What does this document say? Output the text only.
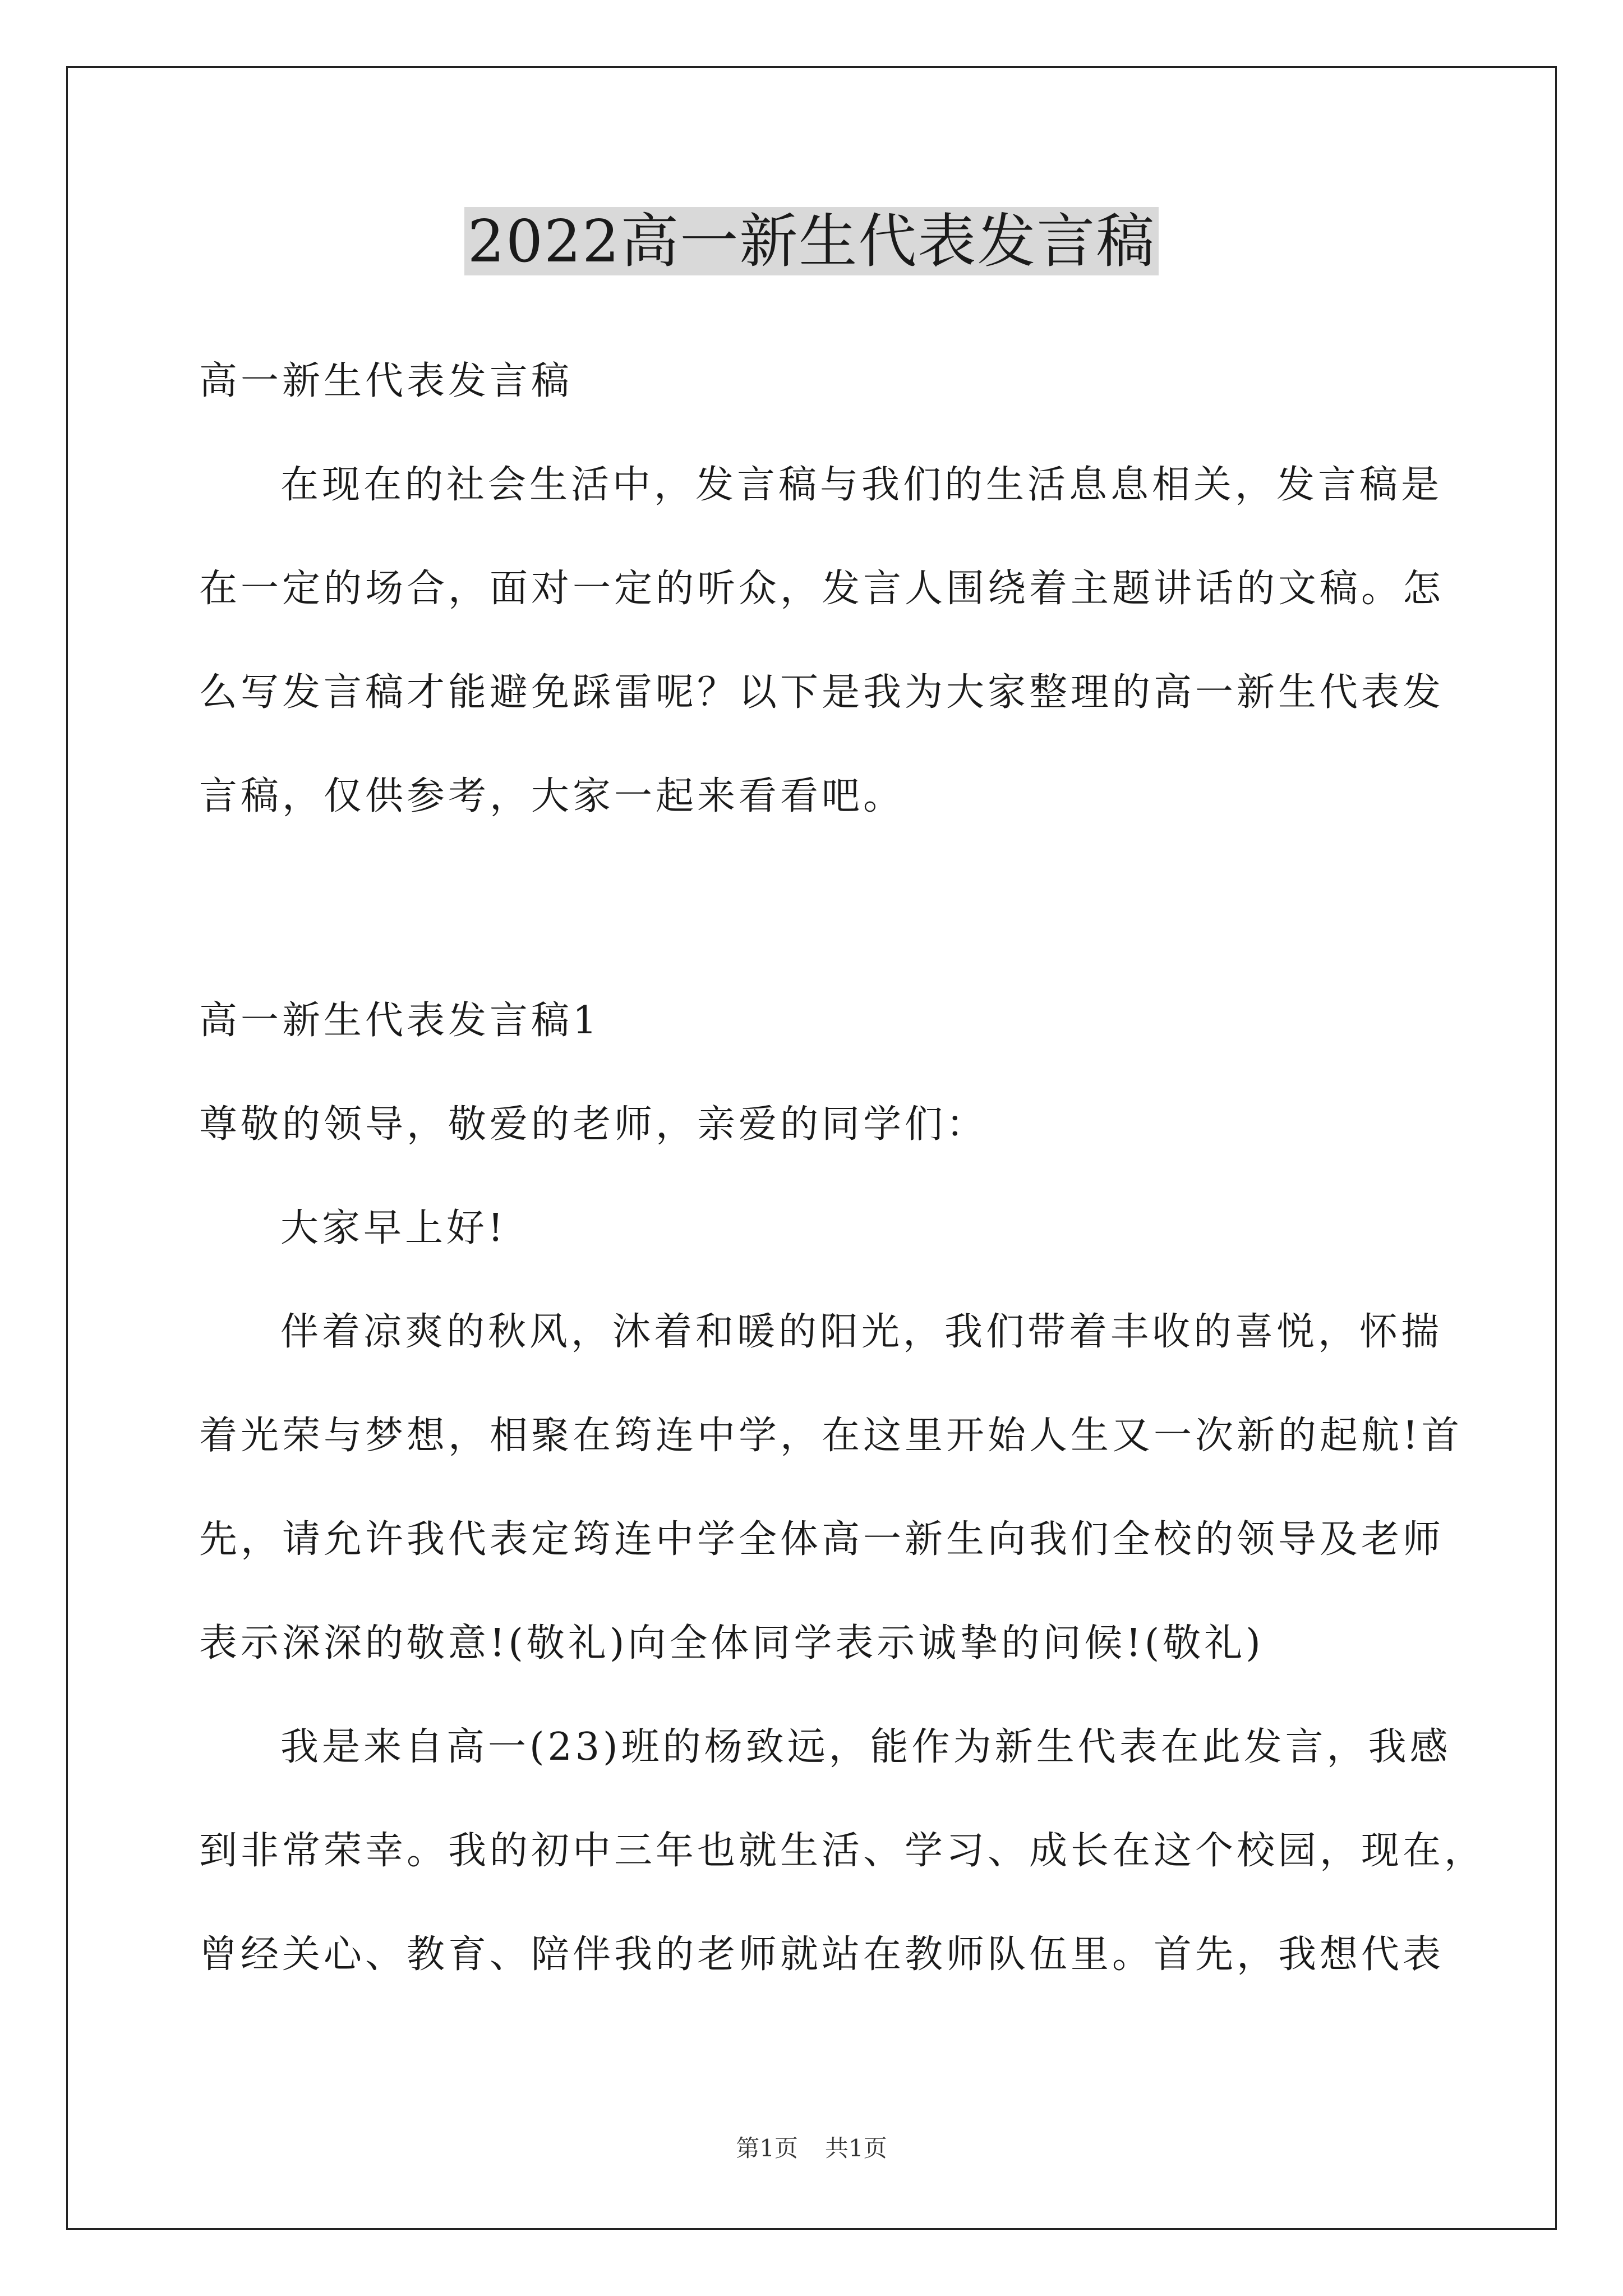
2022高一新生代表发言稿

高一新生代表发言稿

在现在的社会生活中，发言稿与我们的生活息息相关，发言稿是

在一定的场合，面对一定的听众，发言人围绕着主题讲话的文稿。怎

么写发言稿才能避免踩雷呢？以下是我为大家整理的高一新生代表发

言稿，仅供参考，大家一起来看看吧。

高一新生代表发言稿1

尊敬的领导，敬爱的老师，亲爱的同学们：

大家早上好!

伴着凉爽的秋风，沐着和暖的阳光，我们带着丰收的喜悦，怀揣

着光荣与梦想，相聚在筠连中学，在这里开始人生又一次新的起航!首

先，请允许我代表定筠连中学全体高一新生向我们全校的领导及老师

表示深深的敬意!(敬礼)向全体同学表示诚挚的问候!(敬礼)

我是来自高一(23)班的杨致远，能作为新生代表在此发言，我感

到非常荣幸。我的初中三年也就生活、学习、成长在这个校园，现在，

曾经关心、教育、陪伴我的老师就站在教师队伍里。首先，我想代表

第1页 共1页
